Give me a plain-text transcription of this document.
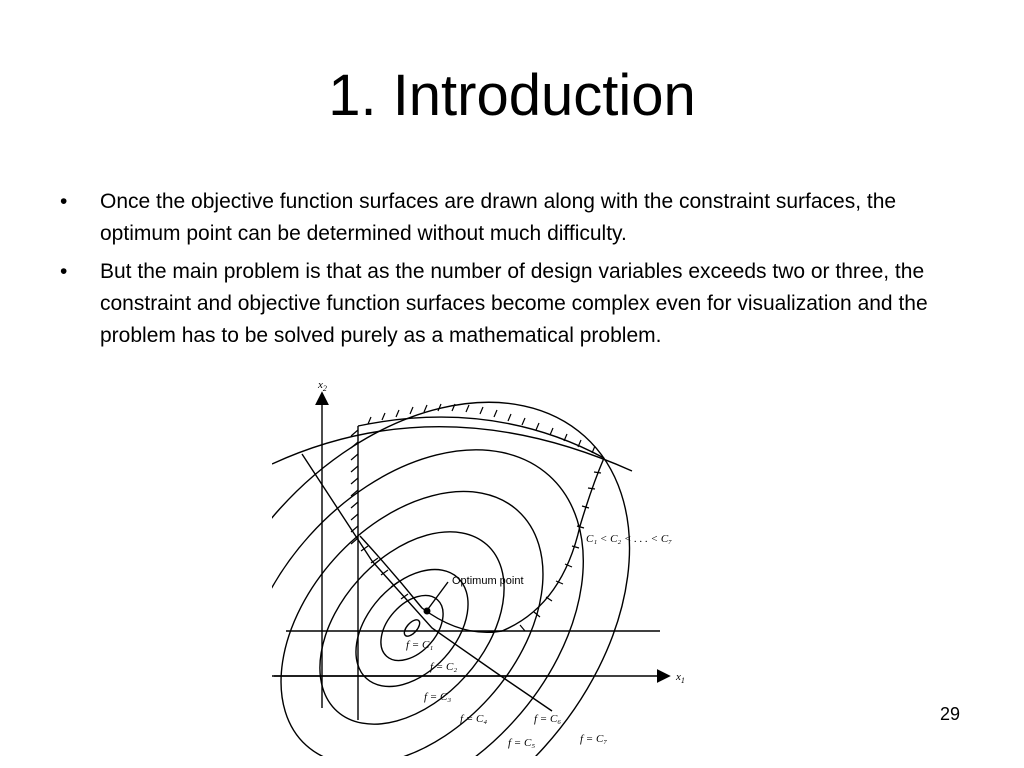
1. Introduction
• Once the objective function surfaces are drawn along with the constraint surfaces, the optimum point can be determined without much difficulty.
• But the main problem is that as the number of design variables exceeds two or three, the constraint and objective function surfaces become complex even for visualization and the problem has to be solved purely as a mathematical problem.
$x_2$
$x_1$
Optimum point
C₁ < C₂ < . . . < C₇
f = C₁
f = C₂
f = C₃
f = C₄
f = C₅
f = C₆
f = C₇
29
